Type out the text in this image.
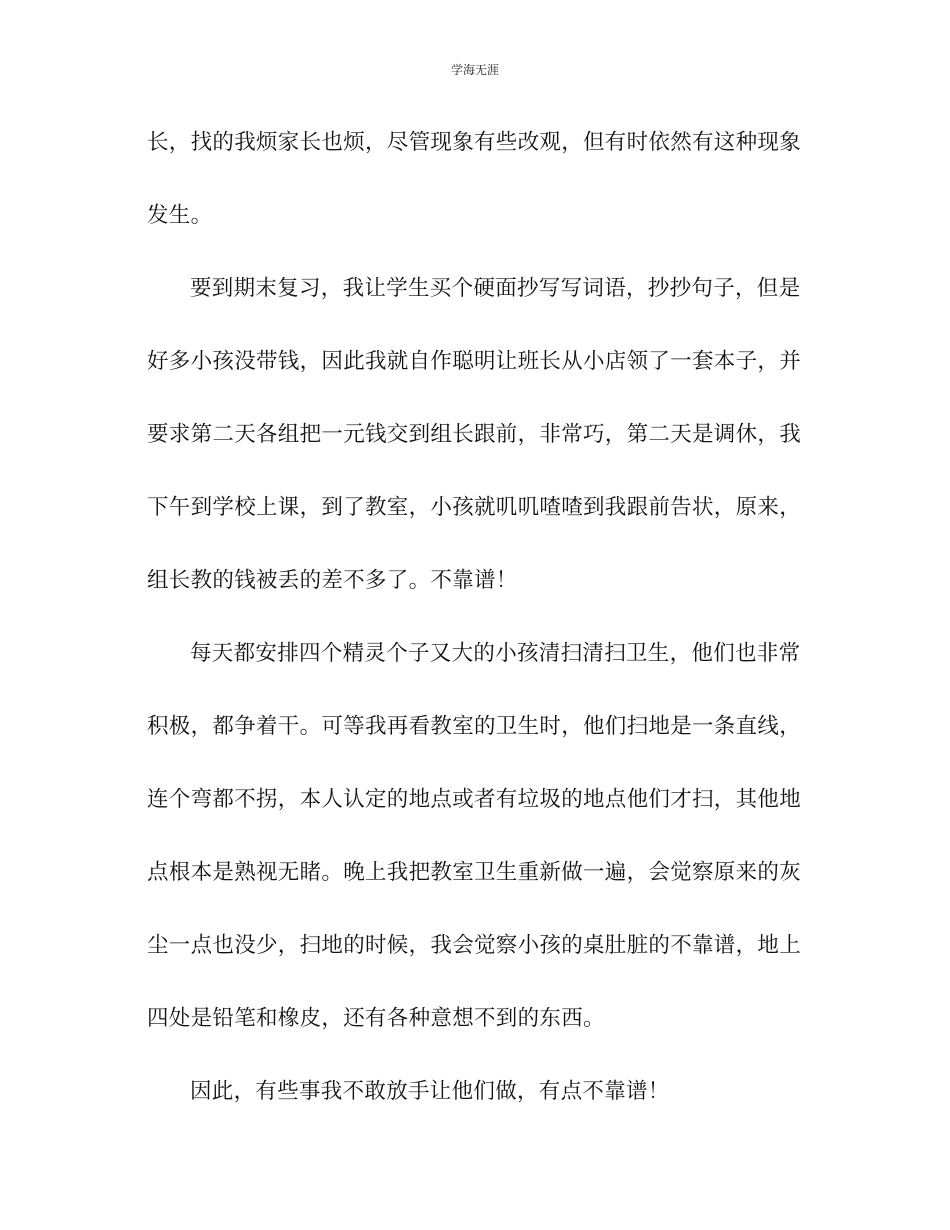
学海无涯
长，找的我烦家长也烦，尽管现象有些改观，但有时依然有这种现象
发生。
要到期末复习，我让学生买个硬面抄写写词语，抄抄句子，但是
好多小孩没带钱，因此我就自作聪明让班长从小店领了一套本子，并
要求第二天各组把一元钱交到组长跟前，非常巧，第二天是调休，我
下午到学校上课，到了教室，小孩就叽叽喳喳到我跟前告状，原来，
组长教的钱被丢的差不多了。不靠谱！
每天都安排四个精灵个子又大的小孩清扫清扫卫生，他们也非常
积极，都争着干。可等我再看教室的卫生时，他们扫地是一条直线，
连个弯都不拐，本人认定的地点或者有垃圾的地点他们才扫，其他地
点根本是熟视无睹。晚上我把教室卫生重新做一遍，会觉察原来的灰
尘一点也没少，扫地的时候，我会觉察小孩的桌肚脏的不靠谱，地上
四处是铅笔和橡皮，还有各种意想不到的东西。
因此，有些事我不敢放手让他们做，有点不靠谱！
